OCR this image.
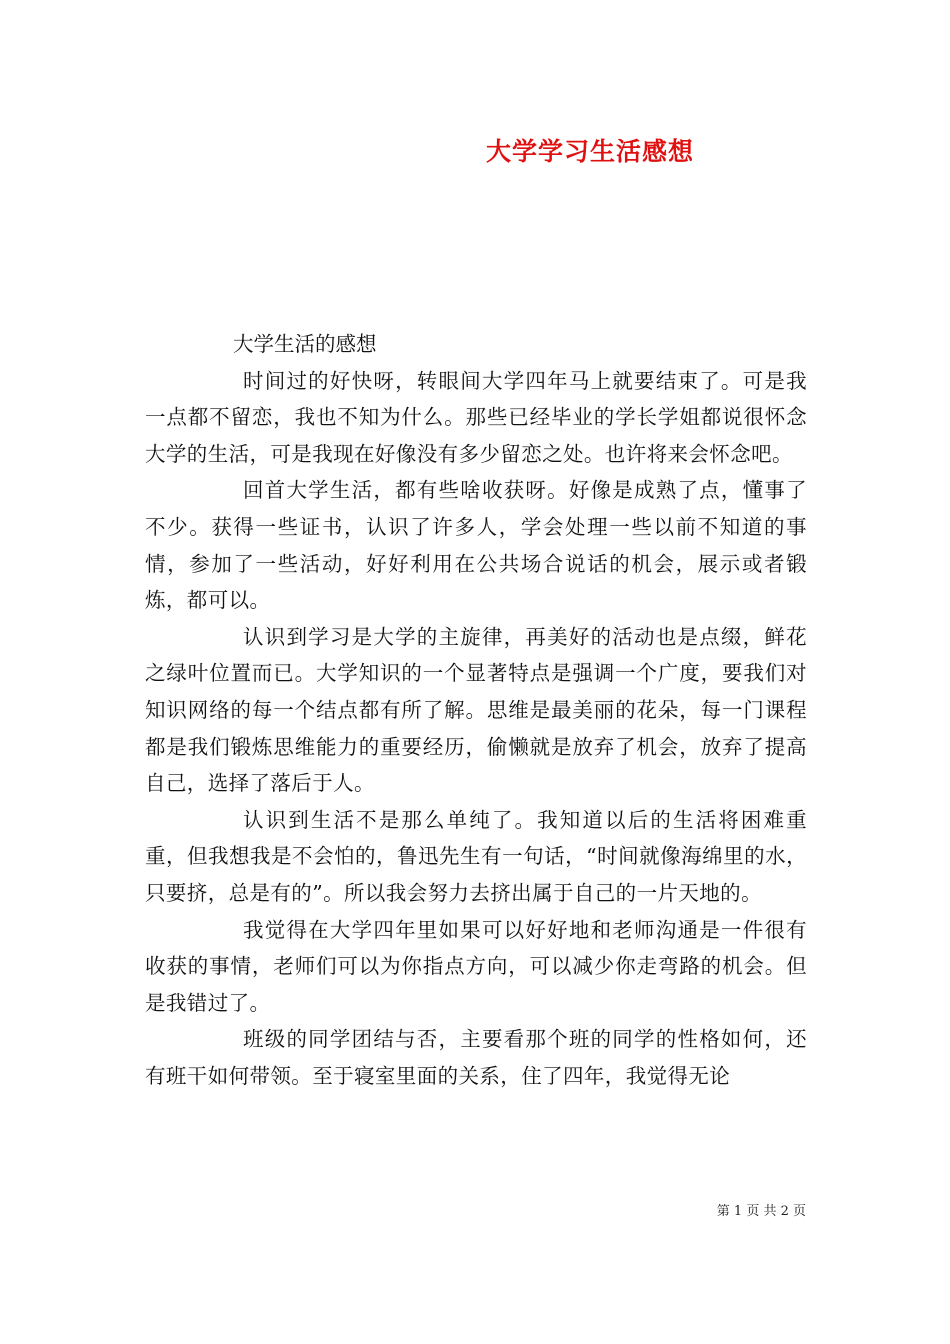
大学学习生活感想

大学生活的感想

时间过的好快呀，转眼间大学四年马上就要结束了。可是我一点都不留恋，我也不知为什么。那些已经毕业的学长学姐都说很怀念大学的生活，可是我现在好像没有多少留恋之处。也许将来会怀念吧。

回首大学生活，都有些啥收获呀。好像是成熟了点，懂事了不少。获得一些证书，认识了许多人，学会处理一些以前不知道的事情，参加了一些活动，好好利用在公共场合说话的机会，展示或者锻炼，都可以。

认识到学习是大学的主旋律，再美好的活动也是点缀，鲜花之绿叶位置而已。大学知识的一个显著特点是强调一个广度，要我们对知识网络的每一个结点都有所了解。思维是最美丽的花朵，每一门课程都是我们锻炼思维能力的重要经历，偷懒就是放弃了机会，放弃了提高自己，选择了落后于人。

认识到生活不是那么单纯了。我知道以后的生活将困难重重，但我想我是不会怕的，鲁迅先生有一句话，“时间就像海绵里的水，只要挤，总是有的”。所以我会努力去挤出属于自己的一片天地的。

我觉得在大学四年里如果可以好好地和老师沟通是一件很有收获的事情，老师们可以为你指点方向，可以减少你走弯路的机会。但是我错过了。

班级的同学团结与否，主要看那个班的同学的性格如何，还有班干如何带领。至于寝室里面的关系，住了四年，我觉得无论

第 1 页 共 2 页
